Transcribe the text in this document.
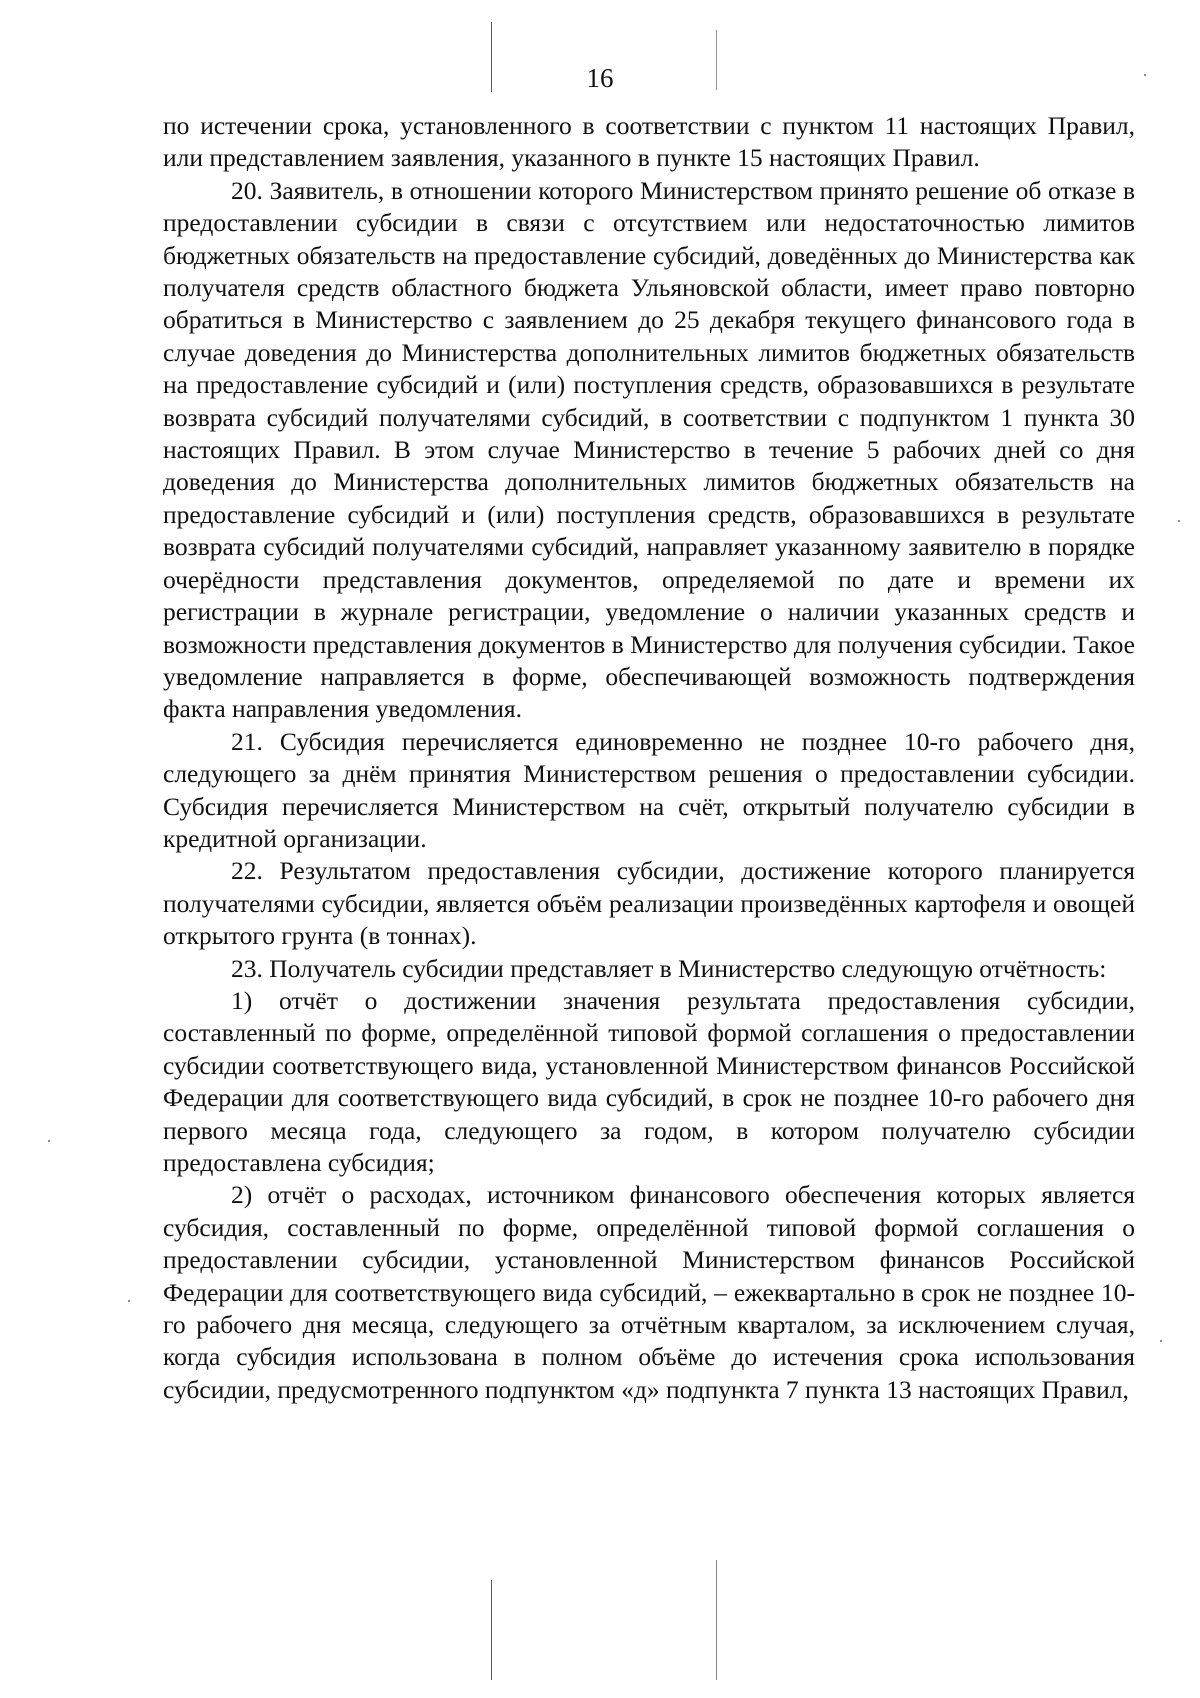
16

по истечении срока, установленного в соответствии с пунктом 11 настоящих Правил, или представлением заявления, указанного в пункте 15 настоящих Правил.

20. Заявитель, в отношении которого Министерством принято решение об отказе в предоставлении субсидии в связи с отсутствием или недостаточностью лимитов бюджетных обязательств на предоставление субсидий, доведённых до Министерства как получателя средств областного бюджета Ульяновской области, имеет право повторно обратиться в Министерство с заявлением до 25 декабря текущего финансового года в случае доведения до Министерства дополнительных лимитов бюджетных обязательств на предоставление субсидий и (или) поступления средств, образовавшихся в результате возврата субсидий получателями субсидий, в соответствии с подпунктом 1 пункта 30 настоящих Правил. В этом случае Министерство в течение 5 рабочих дней со дня доведения до Министерства дополнительных лимитов бюджетных обязательств на предоставление субсидий и (или) поступления средств, образовавшихся в результате возврата субсидий получателями субсидий, направляет указанному заявителю в порядке очерёдности представления документов, определяемой по дате и времени их регистрации в журнале регистрации, уведомление о наличии указанных средств и возможности представления документов в Министерство для получения субсидии. Такое уведомление направляется в форме, обеспечивающей возможность подтверждения факта направления уведомления.

21. Субсидия перечисляется единовременно не позднее 10-го рабочего дня, следующего за днём принятия Министерством решения о предоставлении субсидии. Субсидия перечисляется Министерством на счёт, открытый получателю субсидии в кредитной организации.

22. Результатом предоставления субсидии, достижение которого планируется получателями субсидии, является объём реализации произведённых картофеля и овощей открытого грунта (в тоннах).

23. Получатель субсидии представляет в Министерство следующую отчётность:

1) отчёт о достижении значения результата предоставления субсидии, составленный по форме, определённой типовой формой соглашения о предоставлении субсидии соответствующего вида, установленной Министерством финансов Российской Федерации для соответствующего вида субсидий, в срок не позднее 10-го рабочего дня первого месяца года, следующего за годом, в котором получателю субсидии предоставлена субсидия;

2) отчёт о расходах, источником финансового обеспечения которых является субсидия, составленный по форме, определённой типовой формой соглашения о предоставлении субсидии, установленной Министерством финансов Российской Федерации для соответствующего вида субсидий, – ежеквартально в срок не позднее 10-го рабочего дня месяца, следующего за отчётным кварталом, за исключением случая, когда субсидия использована в полном объёме до истечения срока использования субсидии, предусмотренного подпунктом «д» подпункта 7 пункта 13 настоящих Правил,
